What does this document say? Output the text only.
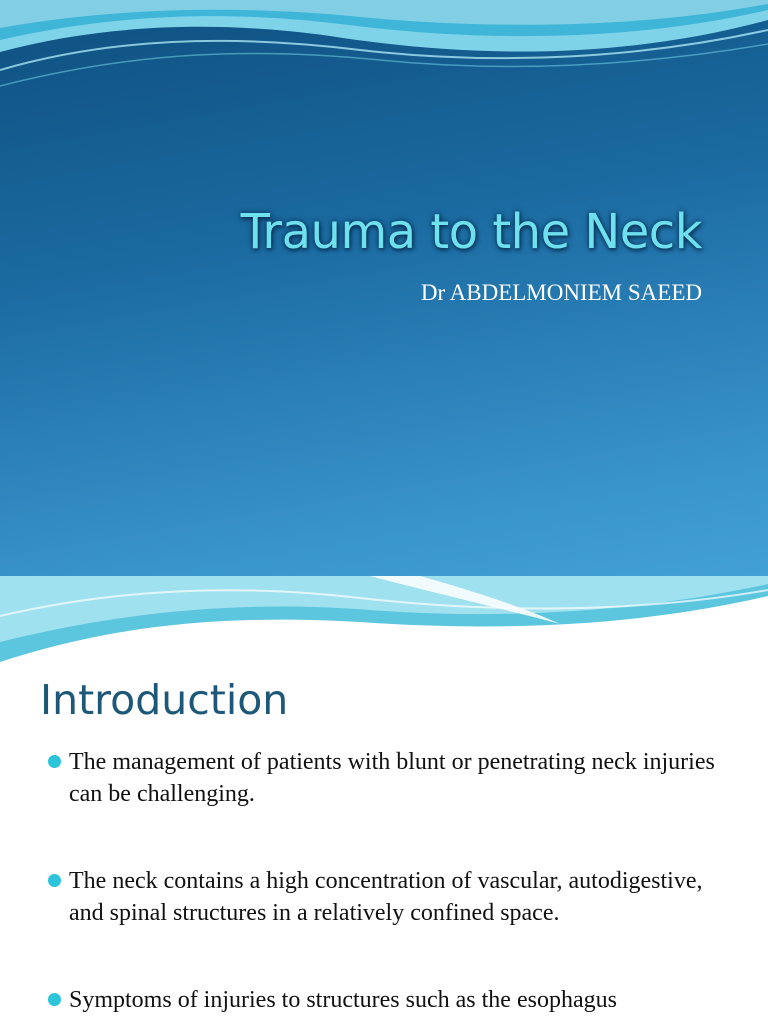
Trauma to the Neck
Dr ABDELMONIEM SAEED
Introduction
The management of patients with blunt or penetrating neck injuries can be challenging.
The neck contains a high concentration of vascular, autodigestive, and spinal structures in a relatively confined space.
Symptoms of injuries to structures such as the esophagus
